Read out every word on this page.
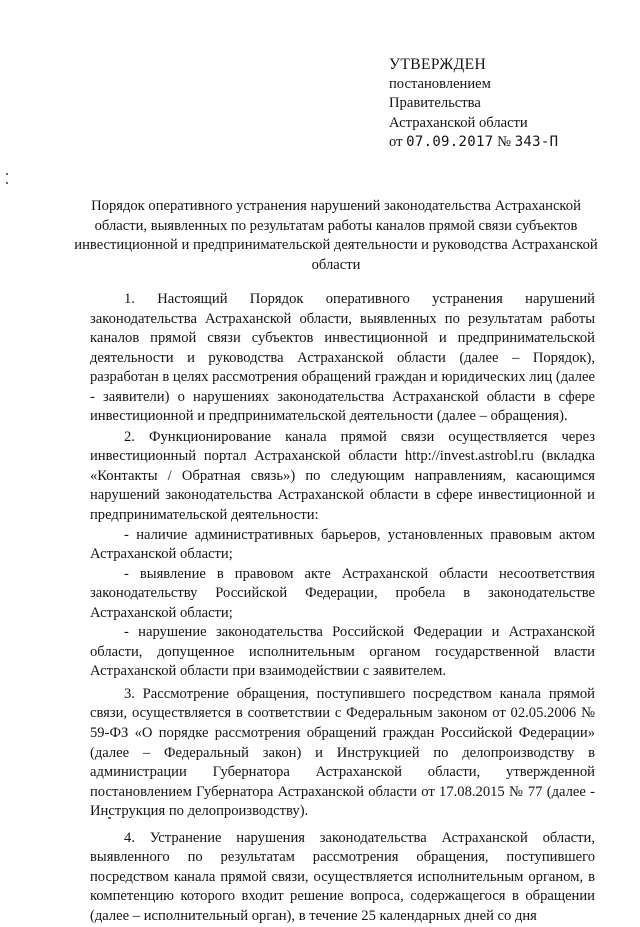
УТВЕРЖДЕН
постановлением
Правительства
Астраханской области
от 07.09.2017 № 343-П
Порядок оперативного устранения нарушений законодательства Астраханской области, выявленных по результатам работы каналов прямой связи субъектов инвестиционной и предпринимательской деятельности и руководства Астраханской области

1. Настоящий Порядок оперативного устранения нарушений законодательства Астраханской области, выявленных по результатам работы каналов прямой связи субъектов инвестиционной и предпринимательской деятельности и руководства Астраханской области (далее – Порядок), разработан в целях рассмотрения обращений граждан и юридических лиц (далее - заявители) о нарушениях законодательства Астраханской области в сфере инвестиционной и предпринимательской деятельности (далее – обращения).

2. Функционирование канала прямой связи осуществляется через инвестиционный портал Астраханской области http://invest.astrobl.ru (вкладка «Контакты / Обратная связь») по следующим направлениям, касающимся нарушений законодательства Астраханской области в сфере инвестиционной и предпринимательской деятельности:

- наличие административных барьеров, установленных правовым актом Астраханской области;

- выявление в правовом акте Астраханской области несоответствия законодательству Российской Федерации, пробела в законодательстве Астраханской области;

- нарушение законодательства Российской Федерации и Астраханской области, допущенное исполнительным органом государственной власти Астраханской области при взаимодействии с заявителем.

3. Рассмотрение обращения, поступившего посредством канала прямой связи, осуществляется в соответствии с Федеральным законом от 02.05.2006 № 59-ФЗ «О порядке рассмотрения обращений граждан Российской Федерации» (далее – Федеральный закон) и Инструкцией по делопроизводству в администрации Губернатора Астраханской области, утвержденной постановлением Губернатора Астраханской области от 17.08.2015 № 77 (далее - Инструкция по делопроизводству).

4. Устранение нарушения законодательства Астраханской области, выявленного по результатам рассмотрения обращения, поступившего посредством канала прямой связи, осуществляется исполнительным органом, в компетенцию которого входит решение вопроса, содержащегося в обращении (далее – исполнительный орган), в течение 25 календарных дней со дня
